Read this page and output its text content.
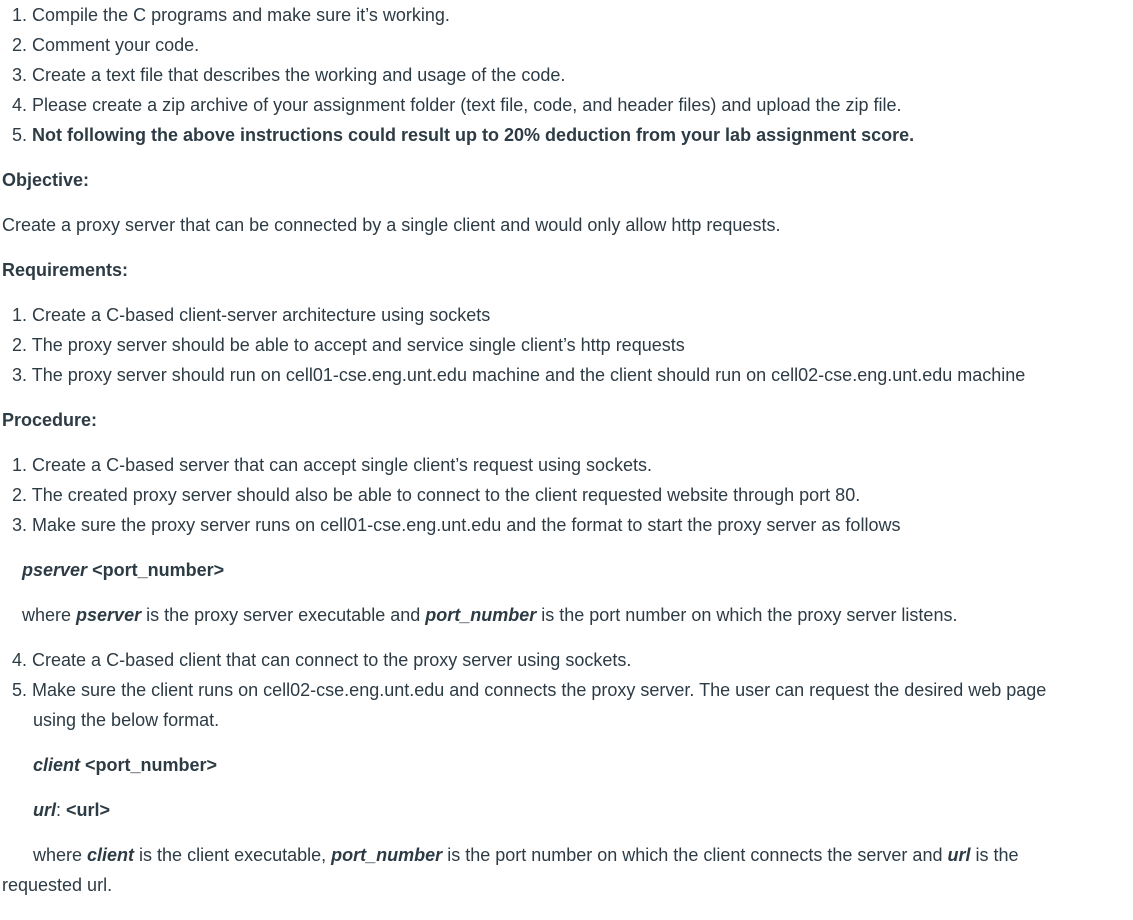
1. Compile the C programs and make sure it’s working.
2. Comment your code.
3. Create a text file that describes the working and usage of the code.
4. Please create a zip archive of your assignment folder (text file, code, and header files) and upload the zip file.
5. Not following the above instructions could result up to 20% deduction from your lab assignment score.
Objective:
Create a proxy server that can be connected by a single client and would only allow http requests.
Requirements:
1. Create a C-based client-server architecture using sockets
2. The proxy server should be able to accept and service single client’s http requests
3. The proxy server should run on cell01-cse.eng.unt.edu machine and the client should run on cell02-cse.eng.unt.edu machine
Procedure:
1. Create a C-based server that can accept single client’s request using sockets.
2. The created proxy server should also be able to connect to the client requested website through port 80.
3. Make sure the proxy server runs on cell01-cse.eng.unt.edu and the format to start the proxy server as follows
pserver <port_number>
where pserver is the proxy server executable and port_number is the port number on which the proxy server listens.
4. Create a C-based client that can connect to the proxy server using sockets.
5. Make sure the client runs on cell02-cse.eng.unt.edu and connects the proxy server. The user can request the desired web page
using the below format.
client <port_number>
url: <url>
where client is the client executable, port_number is the port number on which the client connects the server and url is the
requested url.
